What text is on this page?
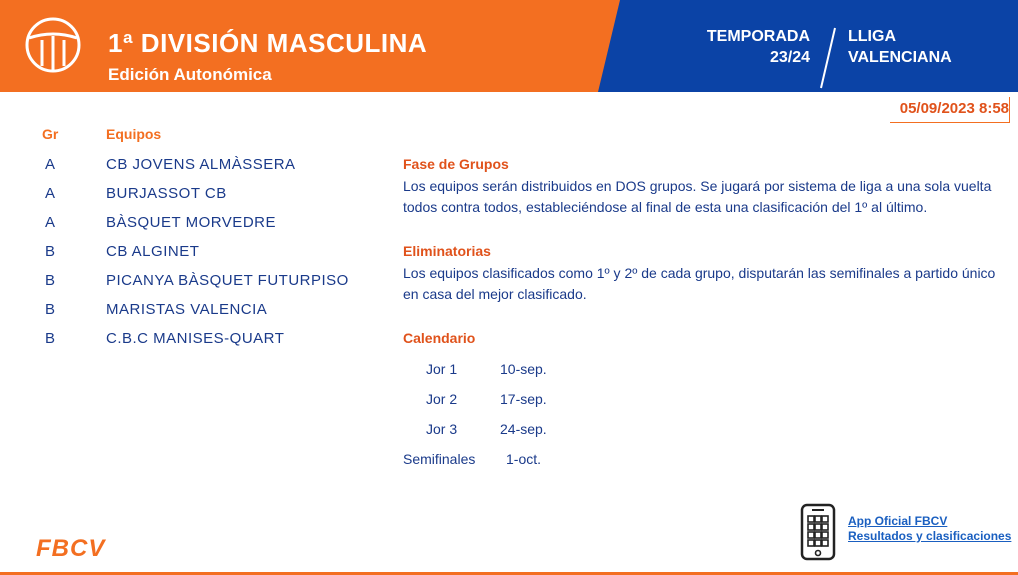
1ª DIVISIÓN MASCULINA
Edición Autonómica
TEMPORADA
23/24
LLIGA
VALENCIANA
05/09/2023 8:58
Gr	Equipos
A	CB JOVENS ALMÀSSERA
A	BURJASSOT CB
A	BÀSQUET MORVEDRE
B	CB ALGINET
B	PICANYA BÀSQUET FUTURPISO
B	MARISTAS VALENCIA
B	C.B.C MANISES-QUART
Fase de Grupos
Los equipos serán distribuidos en DOS grupos. Se jugará por sistema de liga a una sola vuelta todos contra todos, estableciéndose al final de esta una clasificación del 1º al último.
Eliminatorias
Los equipos clasificados como 1º y 2º de cada grupo, disputarán las semifinales a partido único en casa del mejor clasificado.
Calendario
Jor 1	10-sep.
Jor 2	17-sep.
Jor 3	24-sep.
Semifinales	1-oct.
FBCV
App Oficial FBCV
Resultados y clasificaciones
